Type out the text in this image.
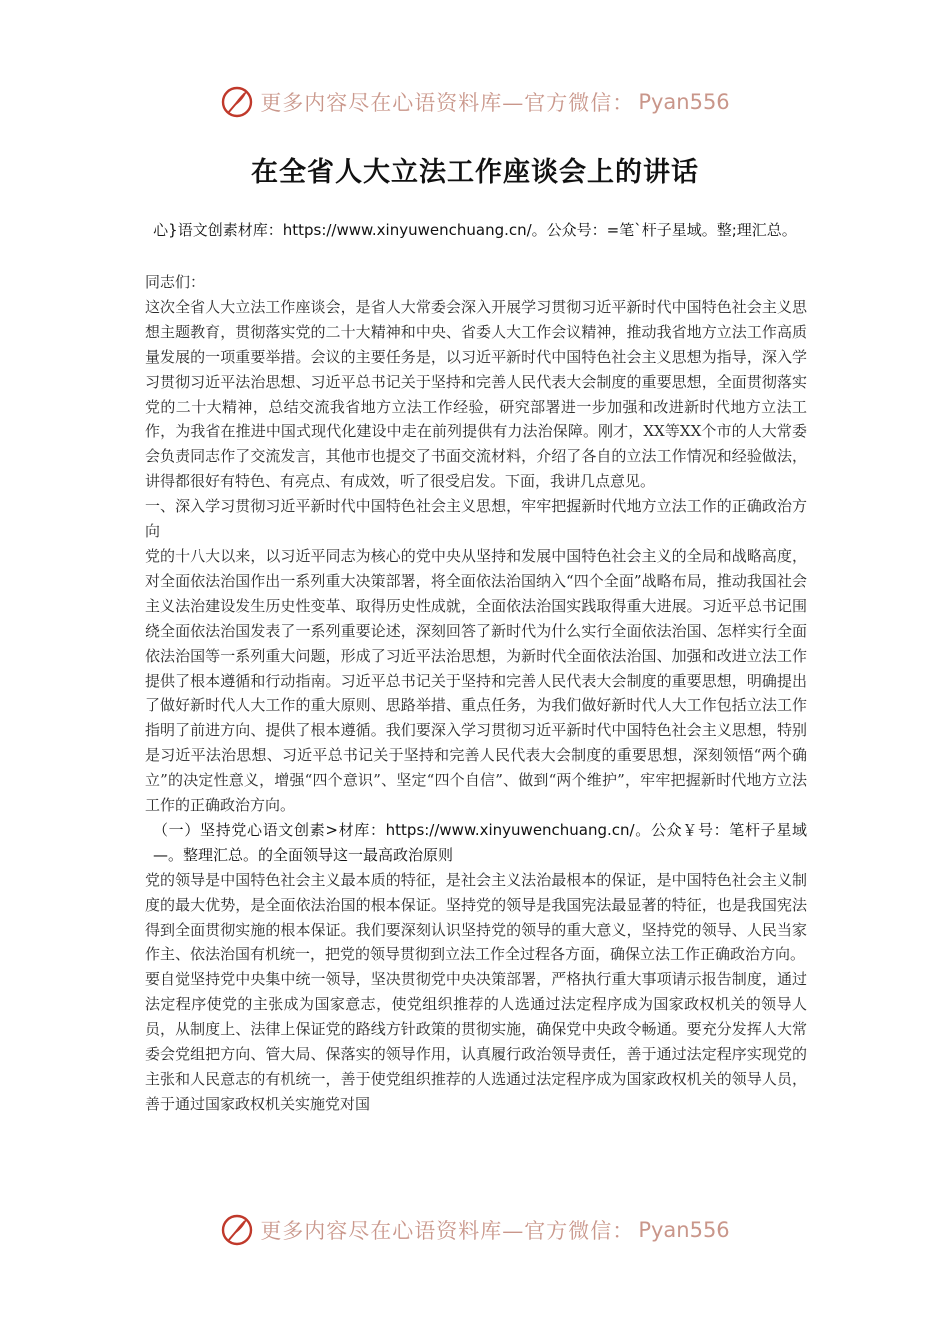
更多内容尽在心语资料库—官方微信： Pyan556
在全省人大立法工作座谈会上的讲话
心}语文创素材库：https://www.xinyuwenchuang.cn/。公众号：=笔`杆子星域。整;理汇总。

同志们：

这次全省人大立法工作座谈会，是省人大常委会深入开展学习贯彻习近平新时代中国特色社会主义思想主题教育，贯彻落实党的二十大精神和中央、省委人大工作会议精神，推动我省地方立法工作高质量发展的一项重要举措。会议的主要任务是，以习近平新时代中国特色社会主义思想为指导，深入学习贯彻习近平法治思想、习近平总书记关于坚持和完善人民代表大会制度的重要思想，全面贯彻落实党的二十大精神，总结交流我省地方立法工作经验，研究部署进一步加强和改进新时代地方立法工作，为我省在推进中国式现代化建设中走在前列提供有力法治保障。刚才，XX等XX个市的人大常委会负责同志作了交流发言，其他市也提交了书面交流材料，介绍了各自的立法工作情况和经验做法，讲得都很好有特色、有亮点、有成效，听了很受启发。下面，我讲几点意见。

一、深入学习贯彻习近平新时代中国特色社会主义思想，牢牢把握新时代地方立法工作的正确政治方向

党的十八大以来，以习近平同志为核心的党中央从坚持和发展中国特色社会主义的全局和战略高度，对全面依法治国作出一系列重大决策部署，将全面依法治国纳入“四个全面”战略布局，推动我国社会主义法治建设发生历史性变革、取得历史性成就，全面依法治国实践取得重大进展。习近平总书记围绕全面依法治国发表了一系列重要论述，深刻回答了新时代为什么实行全面依法治国、怎样实行全面依法治国等一系列重大问题，形成了习近平法治思想，为新时代全面依法治国、加强和改进立法工作提供了根本遵循和行动指南。习近平总书记关于坚持和完善人民代表大会制度的重要思想，明确提出了做好新时代人大工作的重大原则、思路举措、重点任务，为我们做好新时代人大工作包括立法工作指明了前进方向、提供了根本遵循。我们要深入学习贯彻习近平新时代中国特色社会主义思想，特别是习近平法治思想、习近平总书记关于坚持和完善人民代表大会制度的重要思想，深刻领悟“两个确立”的决定性意义，增强“四个意识”、坚定“四个自信”、做到“两个维护”，牢牢把握新时代地方立法工作的正确政治方向。

（一）坚持党心语文创素>材库：https://www.xinyuwenchuang.cn/。公众￥号：笔杆子星域—。整理汇总。的全面领导这一最高政治原则

党的领导是中国特色社会主义最本质的特征，是社会主义法治最根本的保证，是中国特色社会主义制度的最大优势，是全面依法治国的根本保证。坚持党的领导是我国宪法最显著的特征，也是我国宪法得到全面贯彻实施的根本保证。我们要深刻认识坚持党的领导的重大意义，坚持党的领导、人民当家作主、依法治国有机统一，把党的领导贯彻到立法工作全过程各方面，确保立法工作正确政治方向。

要自觉坚持党中央集中统一领导，坚决贯彻党中央决策部署，严格执行重大事项请示报告制度，通过法定程序使党的主张成为国家意志，使党组织推荐的人选通过法定程序成为国家政权机关的领导人员，从制度上、法律上保证党的路线方针政策的贯彻实施，确保党中央政令畅通。要充分发挥人大常委会党组把方向、管大局、保落实的领导作用，认真履行政治领导责任，善于通过法定程序实现党的主张和人民意志的有机统一，善于使党组织推荐的人选通过法定程序成为国家政权机关的领导人员，善于通过国家政权机关实施党对国

更多内容尽在心语资料库—官方微信： Pyan556
